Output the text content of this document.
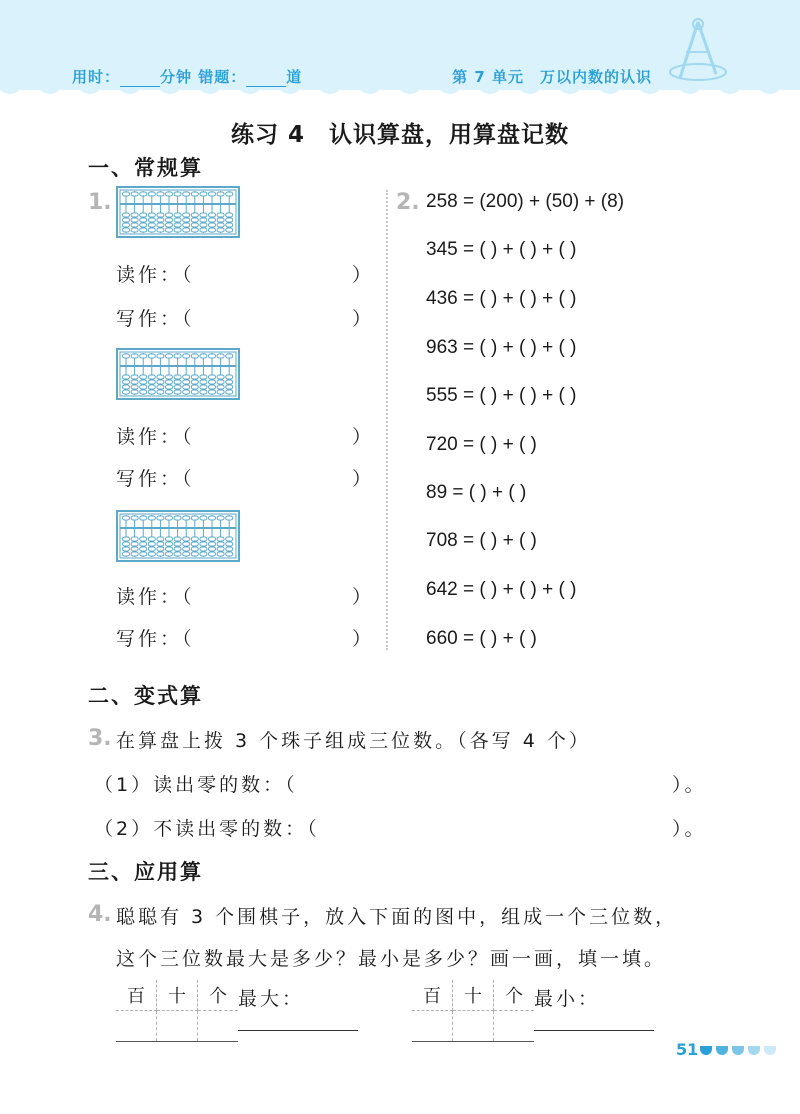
用时：	分钟 错题：	道	第 7 单元　万以内数的认识
练习 4　认识算盘，用算盘记数
一、常规算
1.
读作：（	）
写作：（	）
读作：（	）
写作：（	）
读作：（	）
写作：（	）
2. 258 = (200) + (50) + (8)
345 = ( ) + ( ) + ( )
436 = ( ) + ( ) + ( )
963 = ( ) + ( ) + ( )
555 = ( ) + ( ) + ( )
720 = ( ) + ( )
89 = ( ) + ( )
708 = ( ) + ( )
642 = ( ) + ( ) + ( )
660 = ( ) + ( )
二、变式算
3. 在算盘上拨 3 个珠子组成三位数。（各写 4 个）
（1）读出零的数：（	）。
（2）不读出零的数：（	）。
三、应用算
4. 聪聪有 3 个围棋子，放入下面的图中，组成一个三位数，
这个三位数最大是多少？最小是多少？画一画，填一填。
百	十	个
		最大：	百	十	个
		最小：
51
